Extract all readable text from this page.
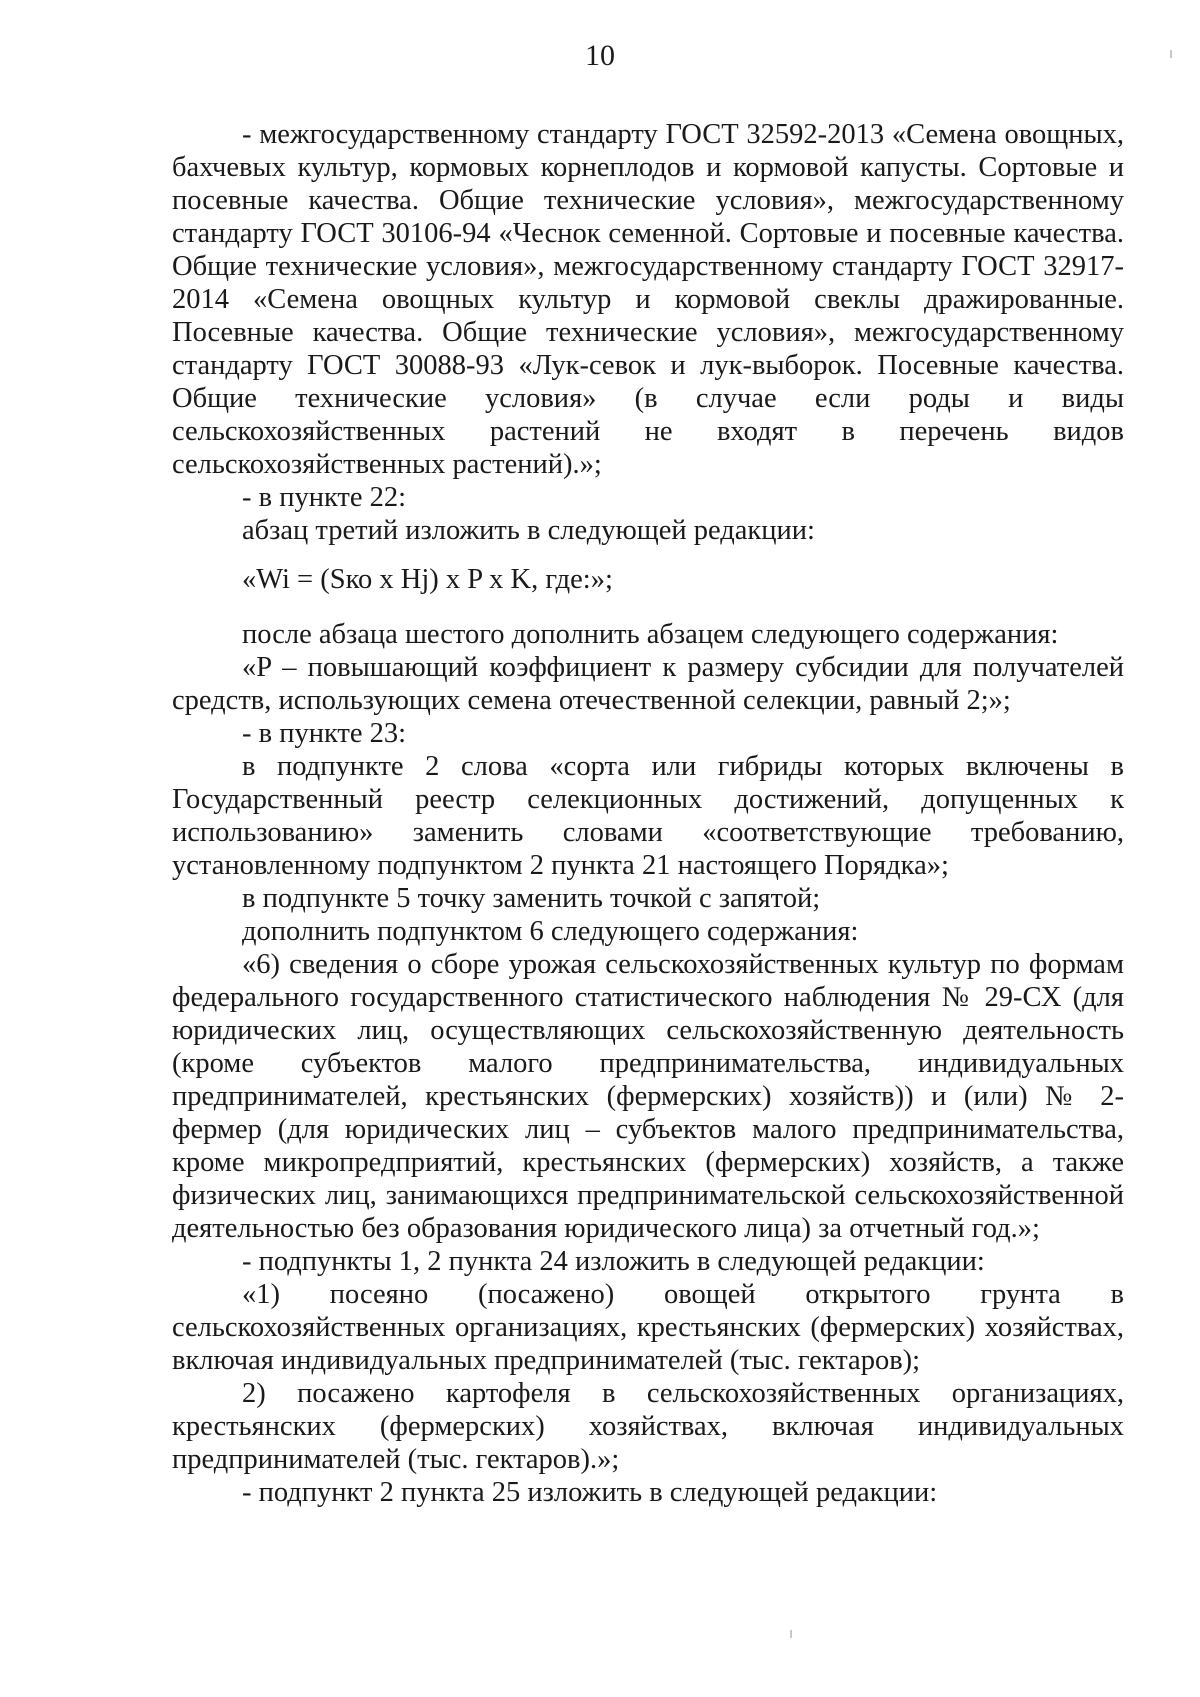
10

- межгосударственному стандарту ГОСТ 32592-2013 «Семена овощных, бахчевых культур, кормовых корнеплодов и кормовой капусты. Сортовые и посевные качества. Общие технические условия», межгосударственному стандарту ГОСТ 30106-94 «Чеснок семенной. Сортовые и посевные качества. Общие технические условия», межгосударственному стандарту ГОСТ 32917-2014 «Семена овощных культур и кормовой свеклы дражированные. Посевные качества. Общие технические условия», межгосударственному стандарту ГОСТ 30088-93 «Лук-севок и лук-выборок. Посевные качества. Общие технические условия» (в случае если роды и виды сельскохозяйственных растений не входят в перечень видов сельскохозяйственных растений).»;

- в пункте 22:

абзац третий изложить в следующей редакции:

«Wi = (Sко x Hj) x P x K, где:»;

после абзаца шестого дополнить абзацем следующего содержания:

«P – повышающий коэффициент к размеру субсидии для получателей средств, использующих семена отечественной селекции, равный 2;»;

- в пункте 23:

в подпункте 2 слова «сорта или гибриды которых включены в Государственный реестр селекционных достижений, допущенных к использованию» заменить словами «соответствующие требованию, установленному подпунктом 2 пункта 21 настоящего Порядка»;

в подпункте 5 точку заменить точкой с запятой;

дополнить подпунктом 6 следующего содержания:

«6) сведения о сборе урожая сельскохозяйственных культур по формам федерального государственного статистического наблюдения № 29-СХ (для юридических лиц, осуществляющих сельскохозяйственную деятельность (кроме субъектов малого предпринимательства, индивидуальных предпринимателей, крестьянских (фермерских) хозяйств)) и (или) № 2-фермер (для юридических лиц – субъектов малого предпринимательства, кроме микропредприятий, крестьянских (фермерских) хозяйств, а также физических лиц, занимающихся предпринимательской сельскохозяйственной деятельностью без образования юридического лица) за отчетный год.»;

- подпункты 1, 2 пункта 24 изложить в следующей редакции:

«1) посеяно (посажено) овощей открытого грунта в сельскохозяйственных организациях, крестьянских (фермерских) хозяйствах, включая индивидуальных предпринимателей (тыс. гектаров);

2) посажено картофеля в сельскохозяйственных организациях, крестьянских (фермерских) хозяйствах, включая индивидуальных предпринимателей (тыс. гектаров).»;

- подпункт 2 пункта 25 изложить в следующей редакции:
